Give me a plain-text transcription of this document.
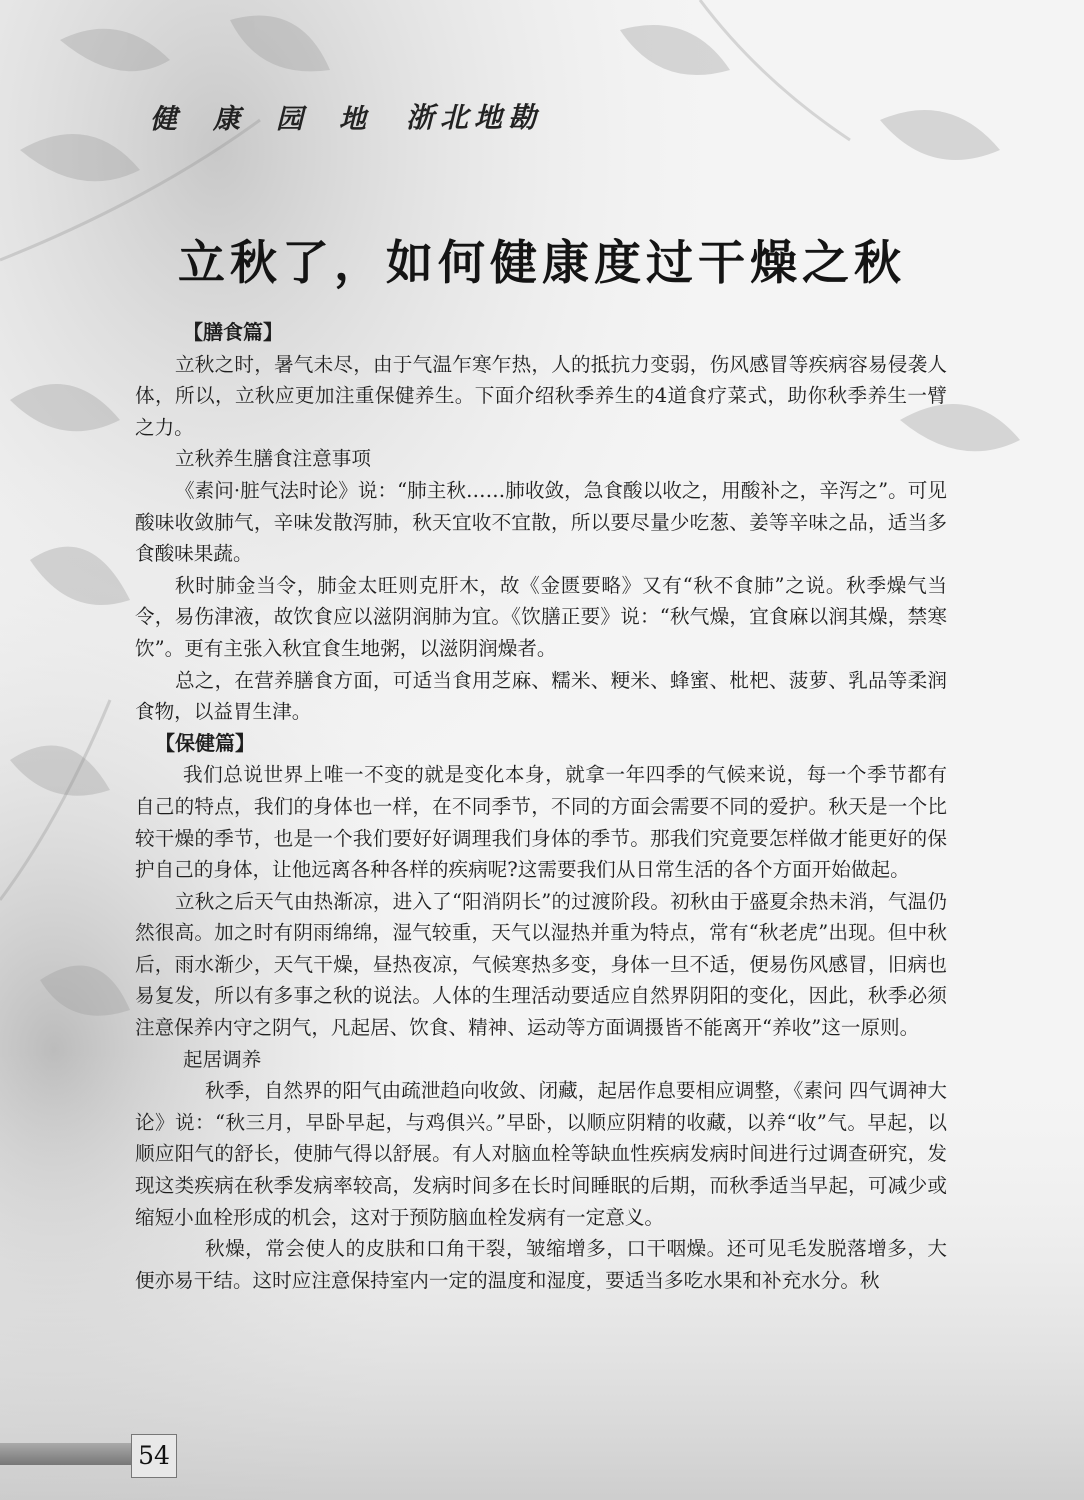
健康园地 浙北地勘
立秋了，如何健康度过干燥之秋

【膳食篇】

立秋之时，暑气未尽，由于气温乍寒乍热，人的抵抗力变弱，伤风感冒等疾病容易侵袭人体，所以，立秋应更加注重保健养生。下面介绍秋季养生的4道食疗菜式，助你秋季养生一臂之力。

立秋养生膳食注意事项

《素问·脏气法时论》说：“肺主秋……肺收敛，急食酸以收之，用酸补之，辛泻之”。可见酸味收敛肺气，辛味发散泻肺，秋天宜收不宜散，所以要尽量少吃葱、姜等辛味之品，适当多食酸味果蔬。

秋时肺金当令，肺金太旺则克肝木，故《金匮要略》又有“秋不食肺”之说。秋季燥气当令，易伤津液，故饮食应以滋阴润肺为宜。《饮膳正要》说：“秋气燥，宜食麻以润其燥，禁寒饮”。更有主张入秋宜食生地粥，以滋阴润燥者。

总之，在营养膳食方面，可适当食用芝麻、糯米、粳米、蜂蜜、枇杷、菠萝、乳品等柔润食物，以益胃生津。

【保健篇】

我们总说世界上唯一不变的就是变化本身，就拿一年四季的气候来说，每一个季节都有自己的特点，我们的身体也一样，在不同季节，不同的方面会需要不同的爱护。秋天是一个比较干燥的季节，也是一个我们要好好调理我们身体的季节。那我们究竟要怎样做才能更好的保护自己的身体，让他远离各种各样的疾病呢?这需要我们从日常生活的各个方面开始做起。

立秋之后天气由热渐凉，进入了“阳消阴长”的过渡阶段。初秋由于盛夏余热未消，气温仍然很高。加之时有阴雨绵绵，湿气较重，天气以湿热并重为特点，常有“秋老虎”出现。但中秋后，雨水渐少，天气干燥，昼热夜凉，气候寒热多变，身体一旦不适，便易伤风感冒，旧病也易复发，所以有多事之秋的说法。人体的生理活动要适应自然界阴阳的变化，因此，秋季必须注意保养内守之阴气，凡起居、饮食、精神、运动等方面调摄皆不能离开“养收”这一原则。

起居调养

秋季，自然界的阳气由疏泄趋向收敛、闭藏，起居作息要相应调整，《素问 四气调神大论》说：“秋三月，早卧早起，与鸡俱兴。”早卧，以顺应阴精的收藏，以养“收”气。早起，以顺应阳气的舒长，使肺气得以舒展。有人对脑血栓等缺血性疾病发病时间进行过调查研究，发现这类疾病在秋季发病率较高，发病时间多在长时间睡眠的后期，而秋季适当早起，可减少或缩短小血栓形成的机会，这对于预防脑血栓发病有一定意义。

秋燥，常会使人的皮肤和口角干裂，皱缩增多，口干咽燥。还可见毛发脱落增多，大便亦易干结。这时应注意保持室内一定的温度和湿度，要适当多吃水果和补充水分。秋

54
